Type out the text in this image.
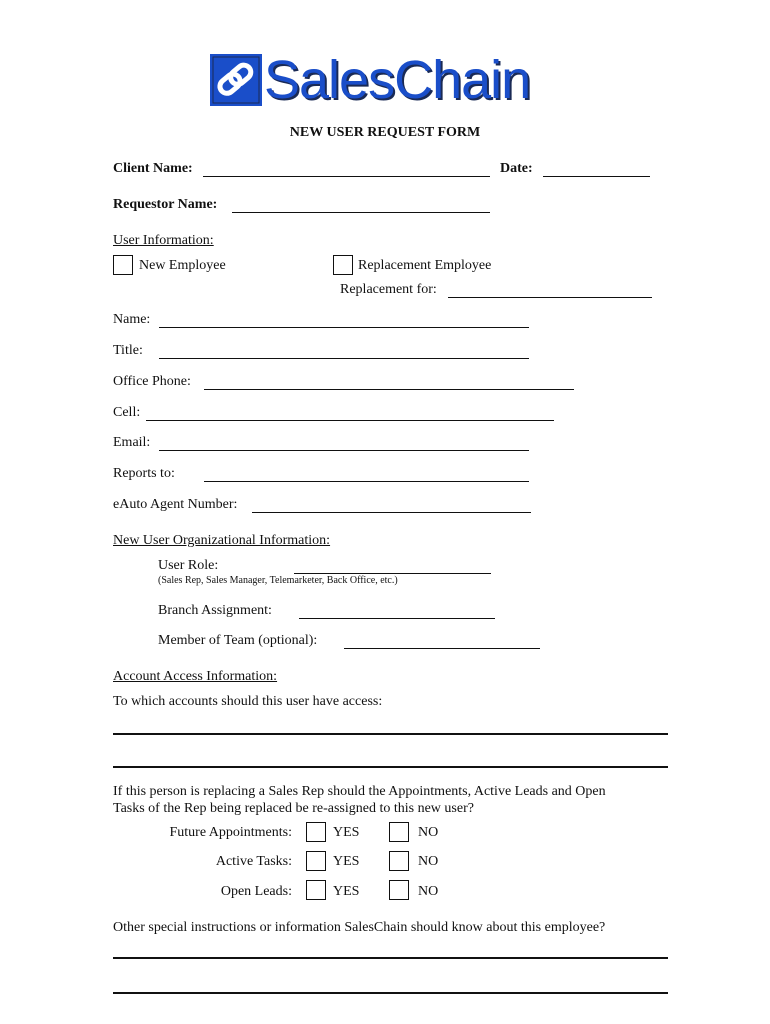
SalesChain
NEW USER REQUEST FORM
Client Name:	Date:
Requestor Name:
User Information:
New Employee	Replacement Employee
Replacement for:
Name:
Title:
Office Phone:
Cell:
Email:
Reports to:
eAuto Agent Number:
New User Organizational Information:
User Role:
(Sales Rep, Sales Manager, Telemarketer, Back Office, etc.)
Branch Assignment:
Member of Team (optional):
Account Access Information:
To which accounts should this user have access:
If this person is replacing a Sales Rep should the Appointments, Active Leads and Open
Tasks of the Rep being replaced be re-assigned to this new user?
Future Appointments:	YES	NO
Active Tasks:	YES	NO
Open Leads:	YES	NO
Other special instructions or information SalesChain should know about this employee?
